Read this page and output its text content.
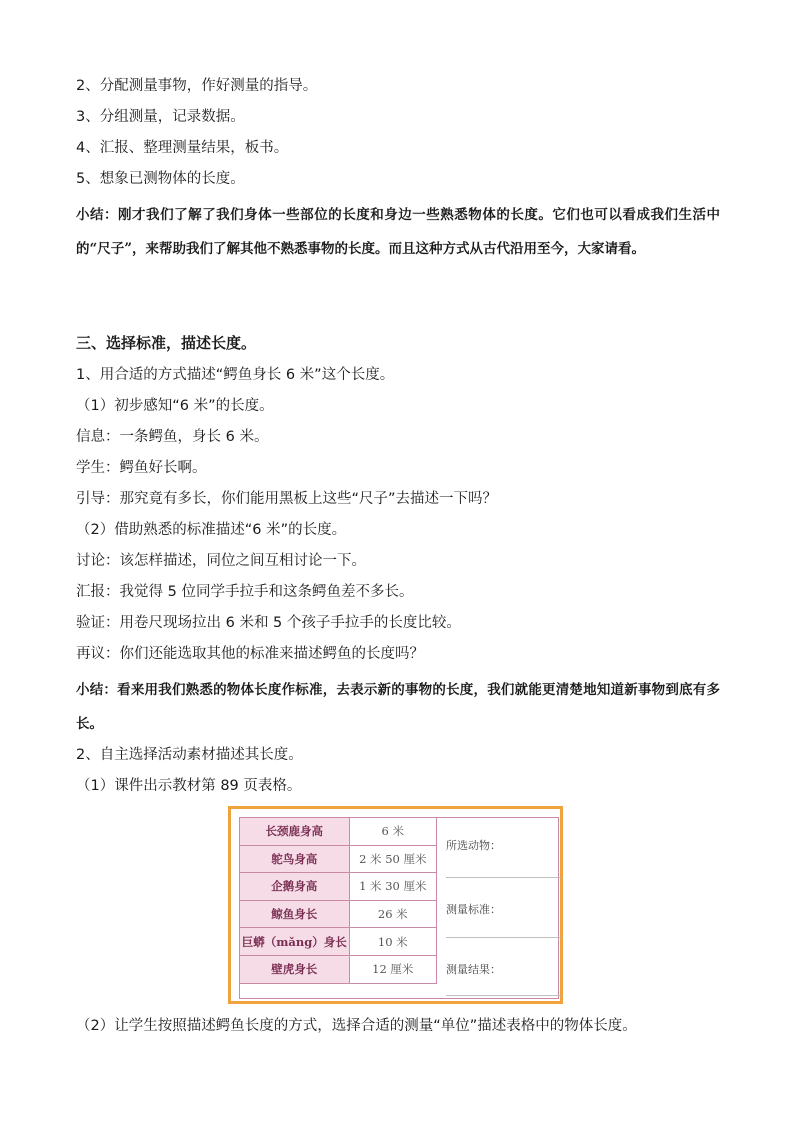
2、分配测量事物，作好测量的指导。
3、分组测量，记录数据。
4、汇报、整理测量结果，板书。
5、想象已测物体的长度。
小结：刚才我们了解了我们身体一些部位的长度和身边一些熟悉物体的长度。它们也可以看成我们生活中的“尺子”，来帮助我们了解其他不熟悉事物的长度。而且这种方式从古代沿用至今，大家请看。
三、选择标准，描述长度。
1、用合适的方式描述“鳄鱼身长 6 米”这个长度。
（1）初步感知“6 米”的长度。
信息：一条鳄鱼，身长 6 米。
学生：鳄鱼好长啊。
引导：那究竟有多长，你们能用黑板上这些“尺子”去描述一下吗？
（2）借助熟悉的标准描述“6 米”的长度。
讨论：该怎样描述，同位之间互相讨论一下。
汇报：我觉得 5 位同学手拉手和这条鳄鱼差不多长。
验证：用卷尺现场拉出 6 米和 5 个孩子手拉手的长度比较。
再议：你们还能选取其他的标准来描述鳄鱼的长度吗？
小结：看来用我们熟悉的物体长度作标准，去表示新的事物的长度，我们就能更清楚地知道新事物到底有多长。
2、自主选择活动素材描述其长度。
（1）课件出示教材第 89 页表格。
长颈鹿身高	6 米
鸵鸟身高	2 米 50 厘米
企鹅身高	1 米 30 厘米
鲸鱼身长	26 米
巨蟒（mǎng）身长	10 米
壁虎身长	12 厘米
所选动物：
测量标准：
测量结果：
（2）让学生按照描述鳄鱼长度的方式，选择合适的测量“单位”描述表格中的物体长度。
